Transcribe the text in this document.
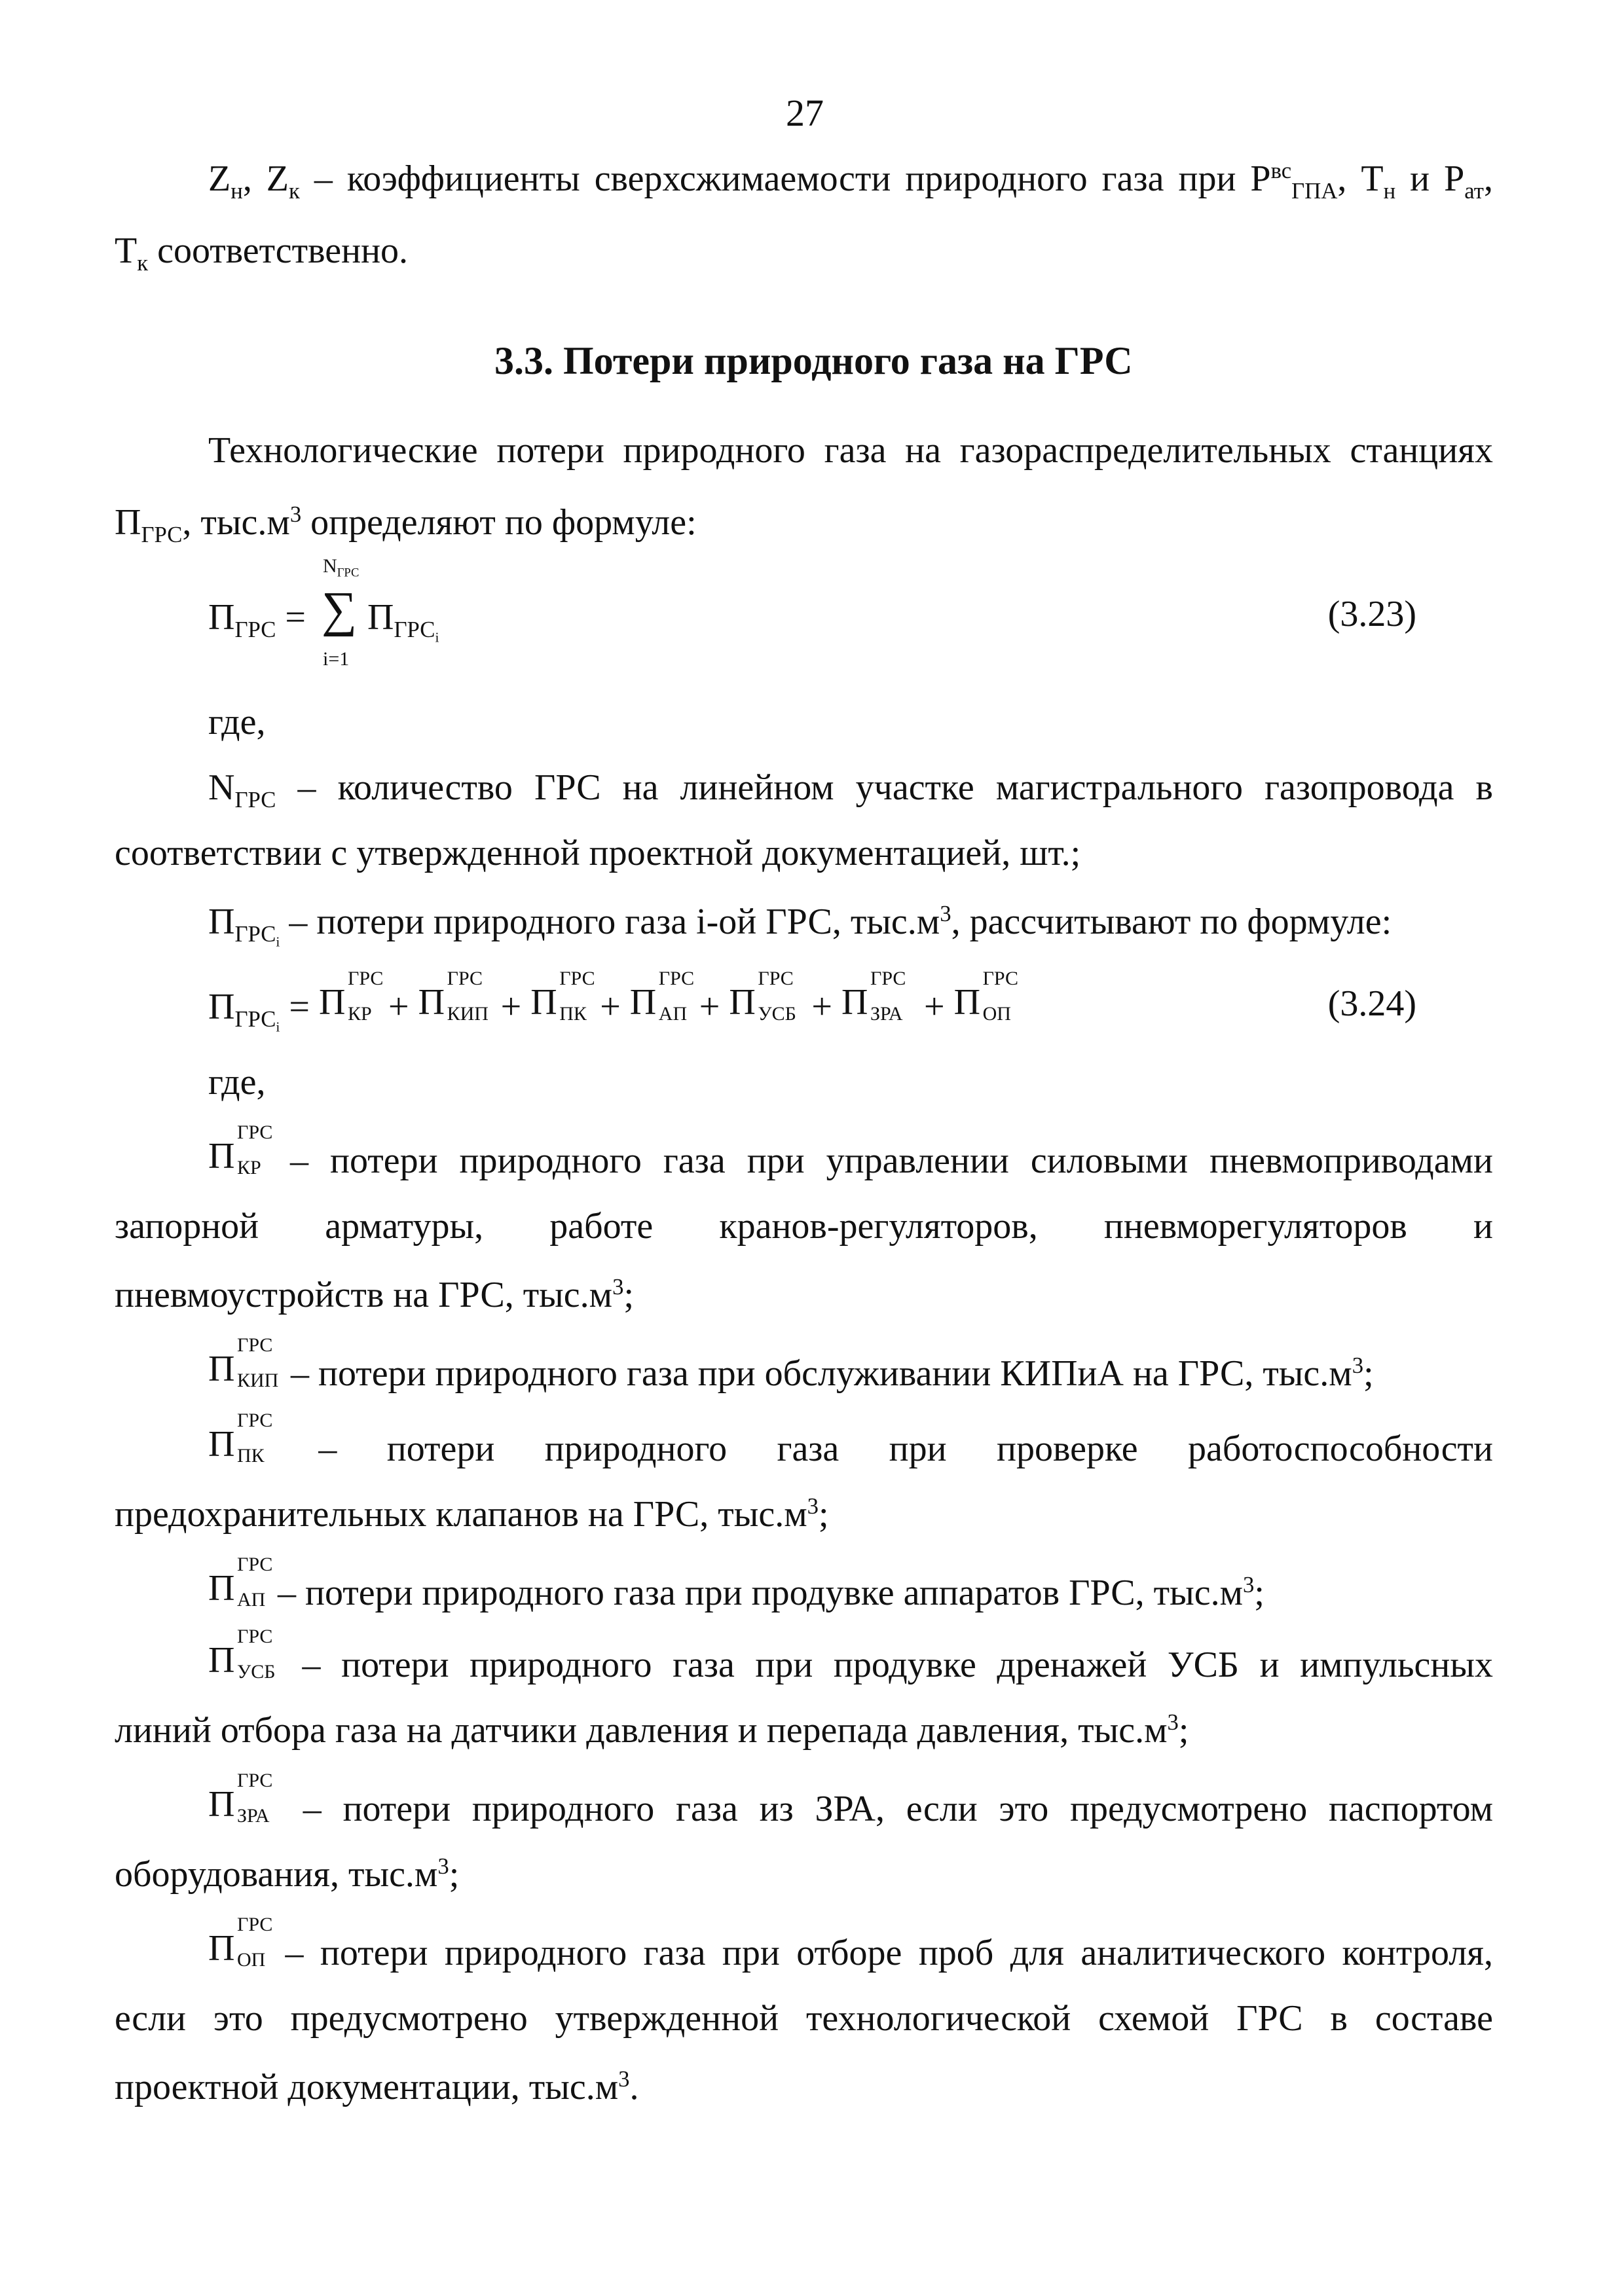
27
$Z_н$, $Z_к$ – коэффициенты сверхсжимаемости природного газа при $P^{вс}_{ГПА}$, $T_н$ и $P_{ат}$,
$T_к$ соответственно.
3.3. Потери природного газа на ГРС
Технологические потери природного газа на газораспределительных станциях
$П_{ГРС}$, $тыс.м^3$ определяют по формуле:
$П_{ГРС}$ =
$N_{ГРС}$
∑
i=1
$П_{ГРС_i}$
(3.23)
где,
$N_{ГРС}$ – количество ГРС на линейном участке магистрального газопровода в
соответствии с утвержденной проектной документацией, шт.;
$П_{ГРС_i}$ – потери природного газа i-ой ГРС, $тыс.м^3$, рассчитывают по формуле:
$П_{ГРС_i} = П$
ГРС
КР + П
ГРС
КИП + П
ГРС
ПК + П
ГРС
АП + П
ГРС
УСБ + П
ГРС
ЗРА + П
ГРС
ОП	(3.24)
где,
П
ГРС
КР – потери природного газа при управлении силовыми пневмоприводами
запорной арматуры, работе кранов-регуляторов, пневморегуляторов и
пневмоустройств на ГРС, $тыс.м^3$;
П
ГРС
КИП – потери природного газа при обслуживании КИПиА на ГРС, $тыс.м^3$;
П
ГРС
ПК – потери природного газа при проверке работоспособности
предохранительных клапанов на ГРС, $тыс.м^3$;
П
ГРС
АП – потери природного газа при продувке аппаратов ГРС, $тыс.м^3$;
П
ГРС
УСБ – потери природного газа при продувке дренажей УСБ и импульсных
линий отбора газа на датчики давления и перепада давления, $тыс.м^3$;
П
ГРС
ЗРА – потери природного газа из ЗРА, если это предусмотрено паспортом
оборудования, $тыс.м^3$;
П
ГРС
ОП – потери природного газа при отборе проб для аналитического контроля,
если это предусмотрено утвержденной технологической схемой ГРС в составе
проектной документации, $тыс.м^3$.
